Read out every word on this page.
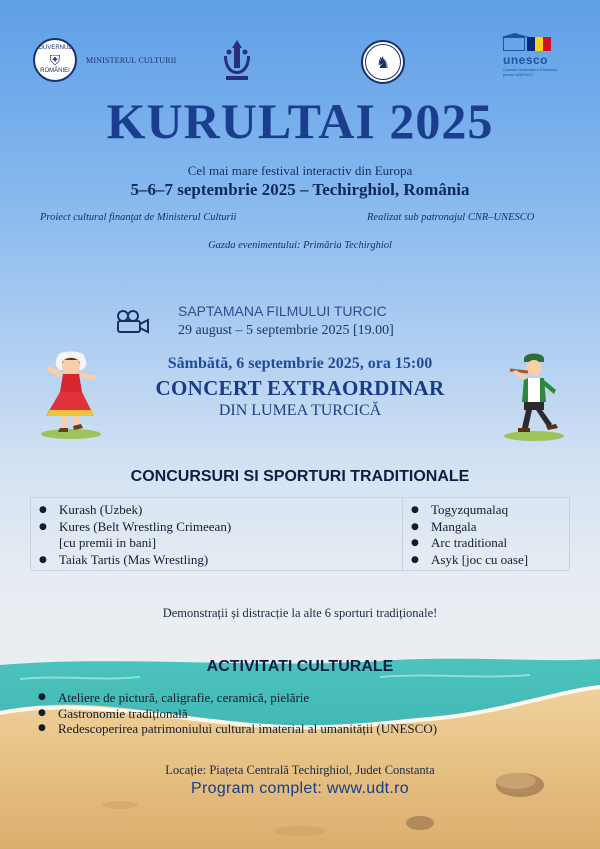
GUVERNUL
⛨
ROMÂNIEI
MINISTERUL CULTURII	♞	unesco
Comisia Națională a României pentru UNESCO
KURULTAI 2025
Cel mai mare festival interactiv din Europa
5–6–7 septembrie 2025 – Techirghiol, România
Proiect cultural finanţat de Ministerul Culturii	Realizat sub patronajul CNR–UNESCO
Gazda evenimentului: Primăria Techirghiol
SAPTAMANA FILMULUI TURCIC
29 august – 5 septembrie 2025 [19.00]
Sâmbătă, 6 septembrie 2025, ora 15:00
CONCERT EXTRAORDINAR
DIN LUMEA TURCICĂ
CONCURSURI SI SPORTURI TRADITIONALE
● Kurash (Uzbek)
● Kures (Belt Wrestling Crimeean)
[cu premii in bani]
● Taiak Tartis (Mas Wrestling)
● Togyzqumalaq
● Mangala
● Arc traditional
● Asyk [joc cu oase]
Demonstrații și distracție la alte 6 sporturi tradiționale!
ACTIVITATI CULTURALE
● Ateliere de pictură, caligrafie, ceramică, pielărie
● Gastronomie tradițională
● Redescoperirea patrimoniului cultural imaterial al umanității (UNESCO)
Locație: Piațeta Centrală Techirghiol, Judet Constanta
Program complet: www.udt.ro
